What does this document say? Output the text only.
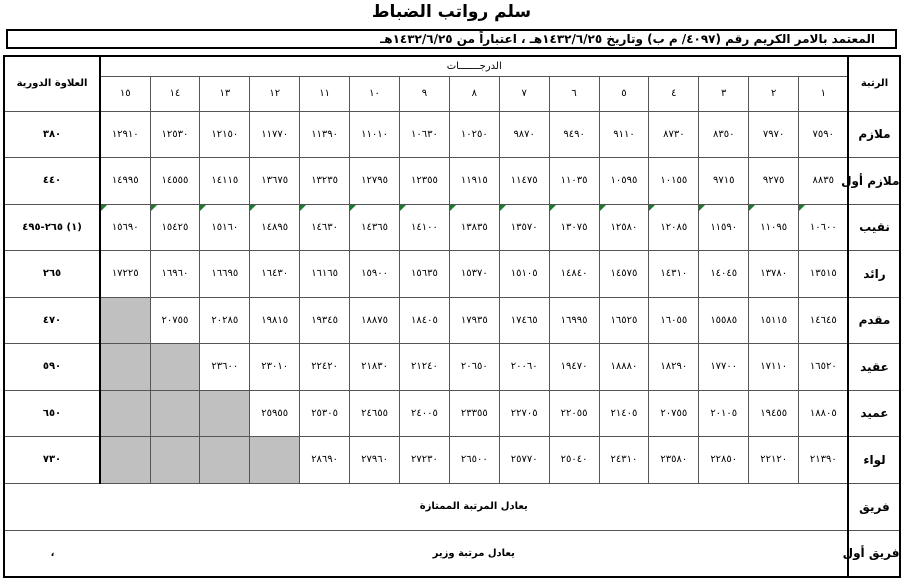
سلم رواتب الضباط
المعتمد بالامر الكريم رقم (٤٠٩٧/ م ب) وتاريخ ١٤٣٢/٦/٢٥هـ ، اعتباراً من ١٤٣٢/٦/٢٥هـ
الرتبة	الدرجـــــــات															العلاوة الدورية
	١	٢	٣	٤	٥	٦	٧	٨	٩	١٠	١١	١٢	١٣	١٤	١٥	
ملازم	٧٥٩٠	٧٩٧٠	٨٣٥٠	٨٧٣٠	٩١١٠	٩٤٩٠	٩٨٧٠	١٠٢٥٠	١٠٦٣٠	١١٠١٠	١١٣٩٠	١١٧٧٠	١٢١٥٠	١٢٥٣٠	١٢٩١٠	٣٨٠
ملازم أول	٨٨٣٥	٩٢٧٥	٩٧١٥	١٠١٥٥	١٠٥٩٥	١١٠٣٥	١١٤٧٥	١١٩١٥	١٢٣٥٥	١٢٧٩٥	١٣٢٣٥	١٣٦٧٥	١٤١١٥	١٤٥٥٥	١٤٩٩٥	٤٤٠
نقيب	١٠٦٠٠	١١٠٩٥	١١٥٩٠	١٢٠٨٥	١٢٥٨٠	١٣٠٧٥	١٣٥٧٠	١٣٨٣٥	١٤١٠٠	١٤٣٦٥	١٤٦٣٠	١٤٨٩٥	١٥١٦٠	١٥٤٢٥	١٥٦٩٠	(١) ٢٦٥-٤٩٥
رائد	١٣٥١٥	١٣٧٨٠	١٤٠٤٥	١٤٣١٠	١٤٥٧٥	١٤٨٤٠	١٥١٠٥	١٥٣٧٠	١٥٦٣٥	١٥٩٠٠	١٦١٦٥	١٦٤٣٠	١٦٦٩٥	١٦٩٦٠	١٧٢٢٥	٢٦٥
مقدم	١٤٦٤٥	١٥١١٥	١٥٥٨٥	١٦٠٥٥	١٦٥٢٥	١٦٩٩٥	١٧٤٦٥	١٧٩٣٥	١٨٤٠٥	١٨٨٧٥	١٩٣٤٥	١٩٨١٥	٢٠٢٨٥	٢٠٧٥٥		٤٧٠
عقيد	١٦٥٢٠	١٧١١٠	١٧٧٠٠	١٨٢٩٠	١٨٨٨٠	١٩٤٧٠	٢٠٠٦٠	٢٠٦٥٠	٢١٢٤٠	٢١٨٣٠	٢٢٤٢٠	٢٣٠١٠	٢٣٦٠٠			٥٩٠
عميد	١٨٨٠٥	١٩٤٥٥	٢٠١٠٥	٢٠٧٥٥	٢١٤٠٥	٢٢٠٥٥	٢٢٧٠٥	٢٣٣٥٥	٢٤٠٠٥	٢٤٦٥٥	٢٥٣٠٥	٢٥٩٥٥				٦٥٠
لواء	٢١٣٩٠	٢٢١٢٠	٢٢٨٥٠	٢٣٥٨٠	٢٤٣١٠	٢٥٠٤٠	٢٥٧٧٠	٢٦٥٠٠	٢٧٢٣٠	٢٧٩٦٠	٢٨٦٩٠					٧٣٠
فريق	يعادل المرتبة الممتازة															
فريق أول	يعادل مرتبة وزير															،
